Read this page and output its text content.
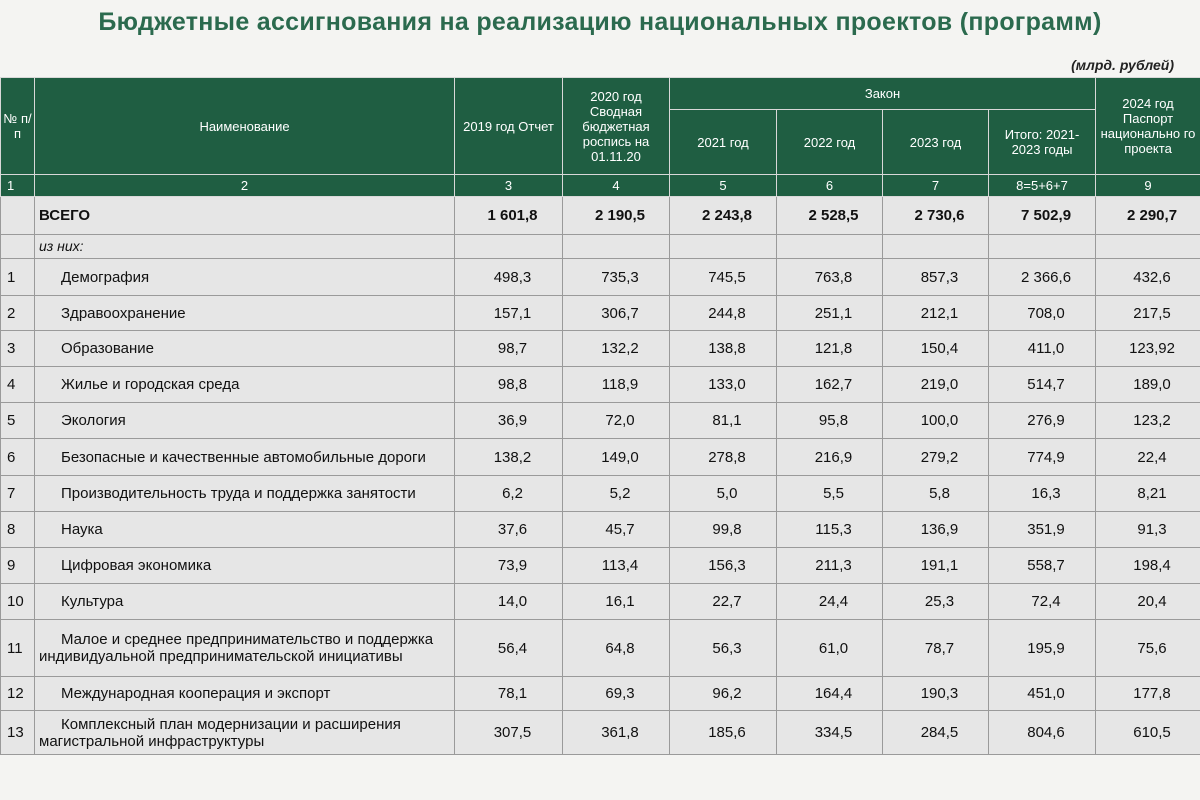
Бюджетные ассигнования на реализацию национальных проектов (программ)
(млрд. рублей)
№ п/п	Наименование	2019 год Отчет	2020 год Сводная бюджетная роспись на 01.11.20	Закон				2024 год Паспорт национально го проекта
				2021 год	2022 год	2023 год	Итого: 2021-2023 годы	
1	2	3	4	5	6	7	8=5+6+7	9
	ВСЕГО	1 601,8	2 190,5	2 243,8	2 528,5	2 730,6	7 502,9	2 290,7
	из них:							
1	Демография	498,3	735,3	745,5	763,8	857,3	2 366,6	432,6
2	Здравоохранение	157,1	306,7	244,8	251,1	212,1	708,0	217,5
3	Образование	98,7	132,2	138,8	121,8	150,4	411,0	123,92
4	Жилье и городская среда	98,8	118,9	133,0	162,7	219,0	514,7	189,0
5	Экология	36,9	72,0	81,1	95,8	100,0	276,9	123,2
6	Безопасные и качественные автомобильные дороги	138,2	149,0	278,8	216,9	279,2	774,9	22,4
7	Производительность труда и поддержка занятости	6,2	5,2	5,0	5,5	5,8	16,3	8,21
8	Наука	37,6	45,7	99,8	115,3	136,9	351,9	91,3
9	Цифровая экономика	73,9	113,4	156,3	211,3	191,1	558,7	198,4
10	Культура	14,0	16,1	22,7	24,4	25,3	72,4	20,4
11	Малое и среднее предпринимательство и поддержка индивидуальной предпринимательской инициативы	56,4	64,8	56,3	61,0	78,7	195,9	75,6
12	Международная кооперация и экспорт	78,1	69,3	96,2	164,4	190,3	451,0	177,8
13	Комплексный план модернизации и расширения магистральной инфраструктуры	307,5	361,8	185,6	334,5	284,5	804,6	610,5
